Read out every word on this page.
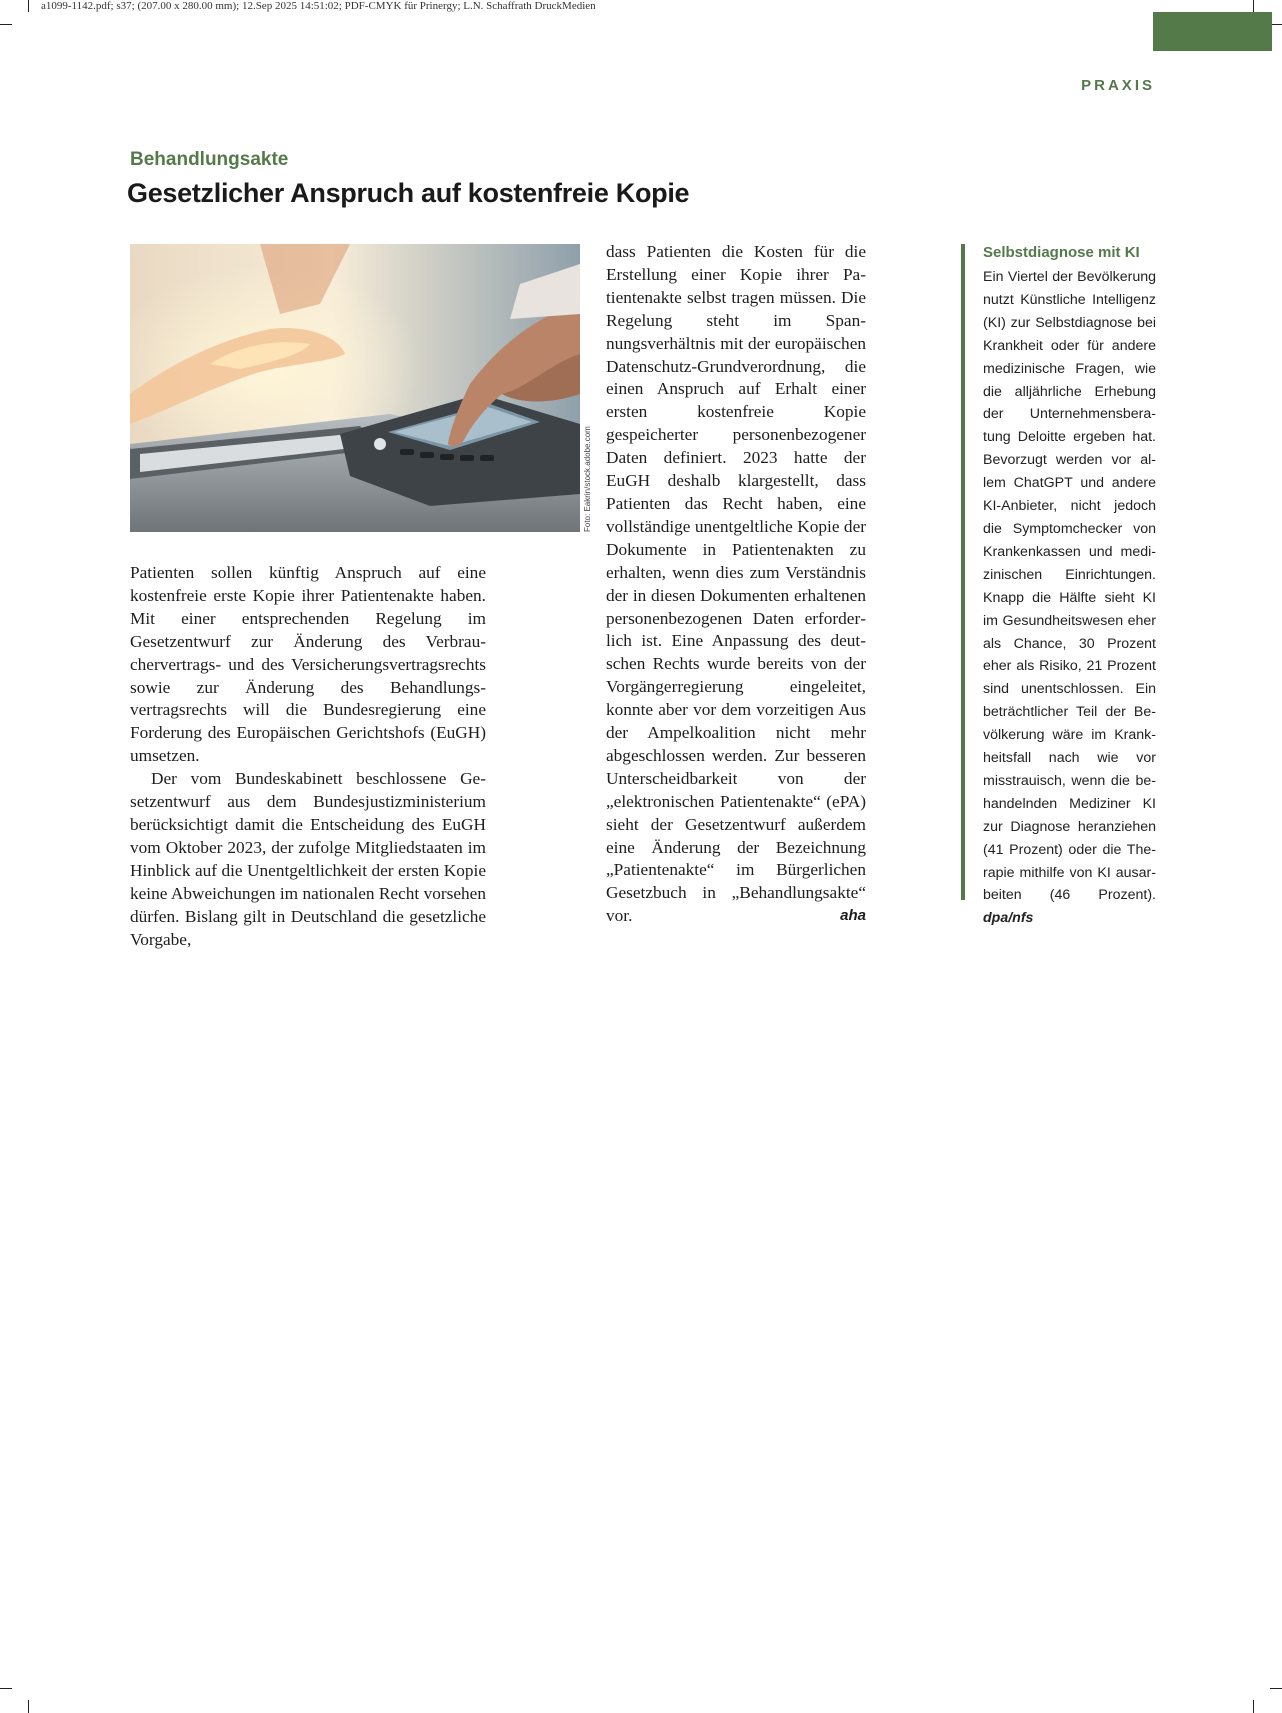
a1099-1142.pdf; s37; (207.00 x 280.00 mm); 12.Sep 2025 14:51:02; PDF-CMYK für Prinergy; L.N. Schaffrath DruckMedien
PRAXIS
Behandlungsakte
Gesetzlicher Anspruch auf kostenfreie Kopie
Foto: Eakrin/stock.adobe.com

Patienten sollen künftig Anspruch auf eine kostenfreie erste Kopie ihrer Patientenakte haben. Mit einer entsprechenden Regelung im Gesetzentwurf zur Änderung des Verbrauchervertrags- und des Versicherungsvertragsrechts sowie zur Änderung des Behandlungsvertragsrechts will die Bundesregierung eine Forderung des Europäischen Gerichtshofs (EuGH) umsetzen.

Der vom Bundeskabinett beschlossene Gesetzentwurf aus dem Bundesjustizministerium berücksichtigt damit die Entscheidung des EuGH vom Oktober 2023, der zufolge Mitgliedstaaten im Hinblick auf die Unentgeltlichkeit der ersten Kopie keine Abweichungen im nationalen Recht vorsehen dürfen. Bislang gilt in Deutschland die gesetzliche Vorgabe,

dass Patienten die Kosten für die Erstellung einer Kopie ihrer Patientenakte selbst tragen müssen. Die Regelung steht im Spannungsverhältnis mit der europäischen Datenschutz-Grundverordnung, die einen Anspruch auf Erhalt einer ersten kostenfreie Kopie gespeicherter personenbezogener Daten definiert. 2023 hatte der EuGH deshalb klargestellt, dass Patienten das Recht haben, eine vollständige unentgeltliche Kopie der Dokumente in Patientenakten zu erhalten, wenn dies zum Verständnis der in diesen Dokumenten erhaltenen personenbezogenen Daten erforderlich ist. Eine Anpassung des deutschen Rechts wurde bereits von der Vorgängerregierung eingeleitet, konnte aber vor dem vorzeitigen Aus der Ampelkoalition nicht mehr abgeschlossen werden. Zur besseren Unterscheidbarkeit von der „elektronischen Patientenakte“ (ePA) sieht der Gesetzentwurf außerdem eine Änderung der Bezeichnung „Patientenakte“ im Bürgerlichen Gesetzbuch in „Behandlungsakte“ vor.	aha

Selbstdiagnose mit KI

Ein Viertel der Bevölkerung nutzt Künstliche Intelligenz (KI) zur Selbstdiagnose bei Krankheit oder für andere medizinische Fragen, wie die alljährliche Erhebung der Unternehmensberatung Deloitte ergeben hat. Bevorzugt werden vor allem ChatGPT und andere KI-Anbieter, nicht jedoch die Symptomchecker von Krankenkassen und medizinischen Einrichtungen. Knapp die Hälfte sieht KI im Gesundheitswesen eher als Chance, 30 Prozent eher als Risiko, 21 Prozent sind unentschlossen. Ein beträchtlicher Teil der Bevölkerung wäre im Krankheitsfall nach wie vor misstrauisch, wenn die behandelnden Mediziner KI zur Diagnose heranziehen (41 Prozent) oder die Therapie mithilfe von KI ausarbeiten (46 Prozent). dpa/nfs
